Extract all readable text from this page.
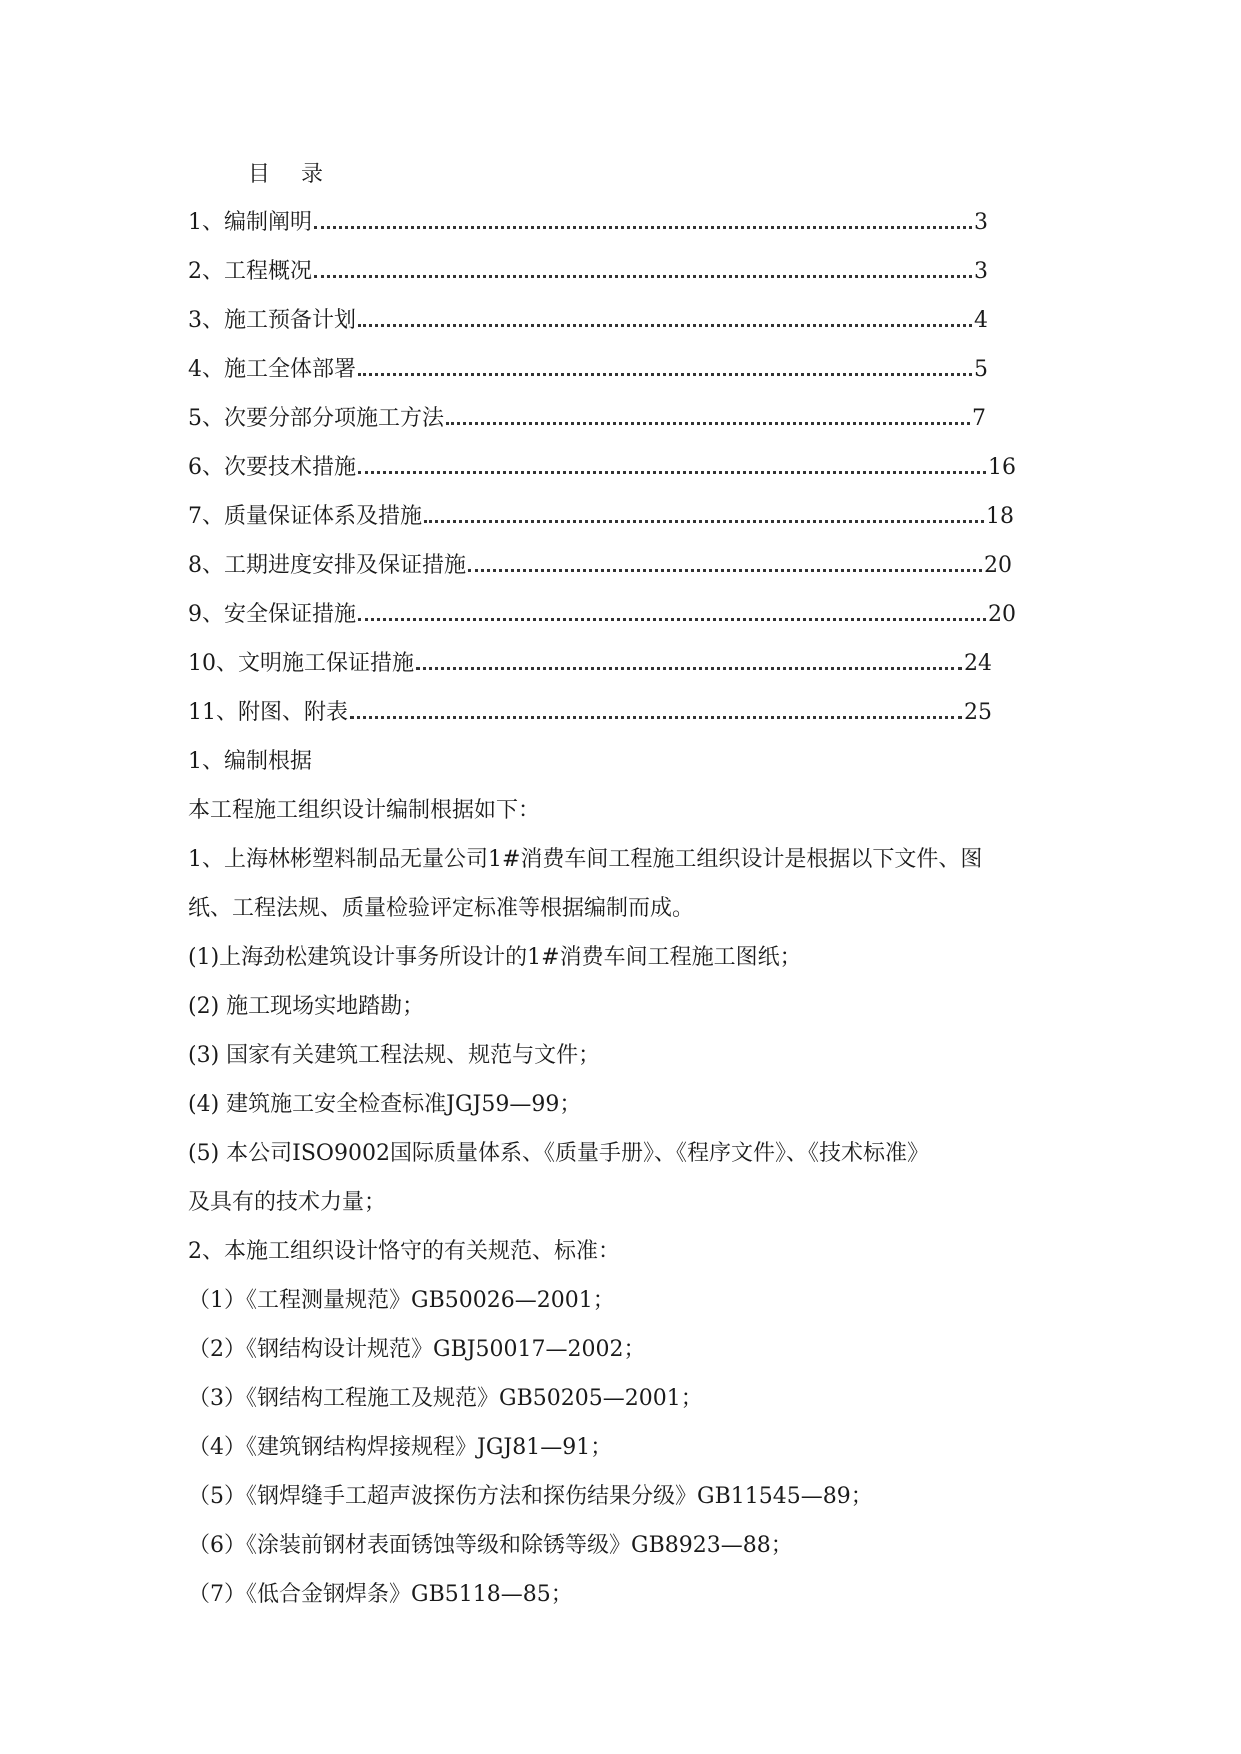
目 录
1、编制阐明	3
2、工程概况	3
3、施工预备计划	4
4、施工全体部署	5
5、次要分部分项施工方法	7
6、次要技术措施	16
7、质量保证体系及措施	18
8、工期进度安排及保证措施	20
9、安全保证措施	20
10、文明施工保证措施	24
11、附图、附表	25
1、编制根据
本工程施工组织设计编制根据如下：
1、上海林彬塑料制品无量公司1#消费车间工程施工组织设计是根据以下文件、图
纸、工程法规、质量检验评定标准等根据编制而成。
(1)上海劲松建筑设计事务所设计的1#消费车间工程施工图纸；
(2) 施工现场实地踏勘；
(3) 国家有关建筑工程法规、规范与文件；
(4) 建筑施工安全检查标准JGJ59—99；
(5) 本公司ISO9002国际质量体系、《质量手册》、《程序文件》、《技术标准》
及具有的技术力量；
2、本施工组织设计恪守的有关规范、标准：
（1）《工程测量规范》GB50026—2001；
（2）《钢结构设计规范》GBJ50017—2002；
（3）《钢结构工程施工及规范》GB50205—2001；
（4）《建筑钢结构焊接规程》JGJ81—91；
（5）《钢焊缝手工超声波探伤方法和探伤结果分级》GB11545—89；
（6）《涂装前钢材表面锈蚀等级和除锈等级》GB8923—88；
（7）《低合金钢焊条》GB5118—85；
